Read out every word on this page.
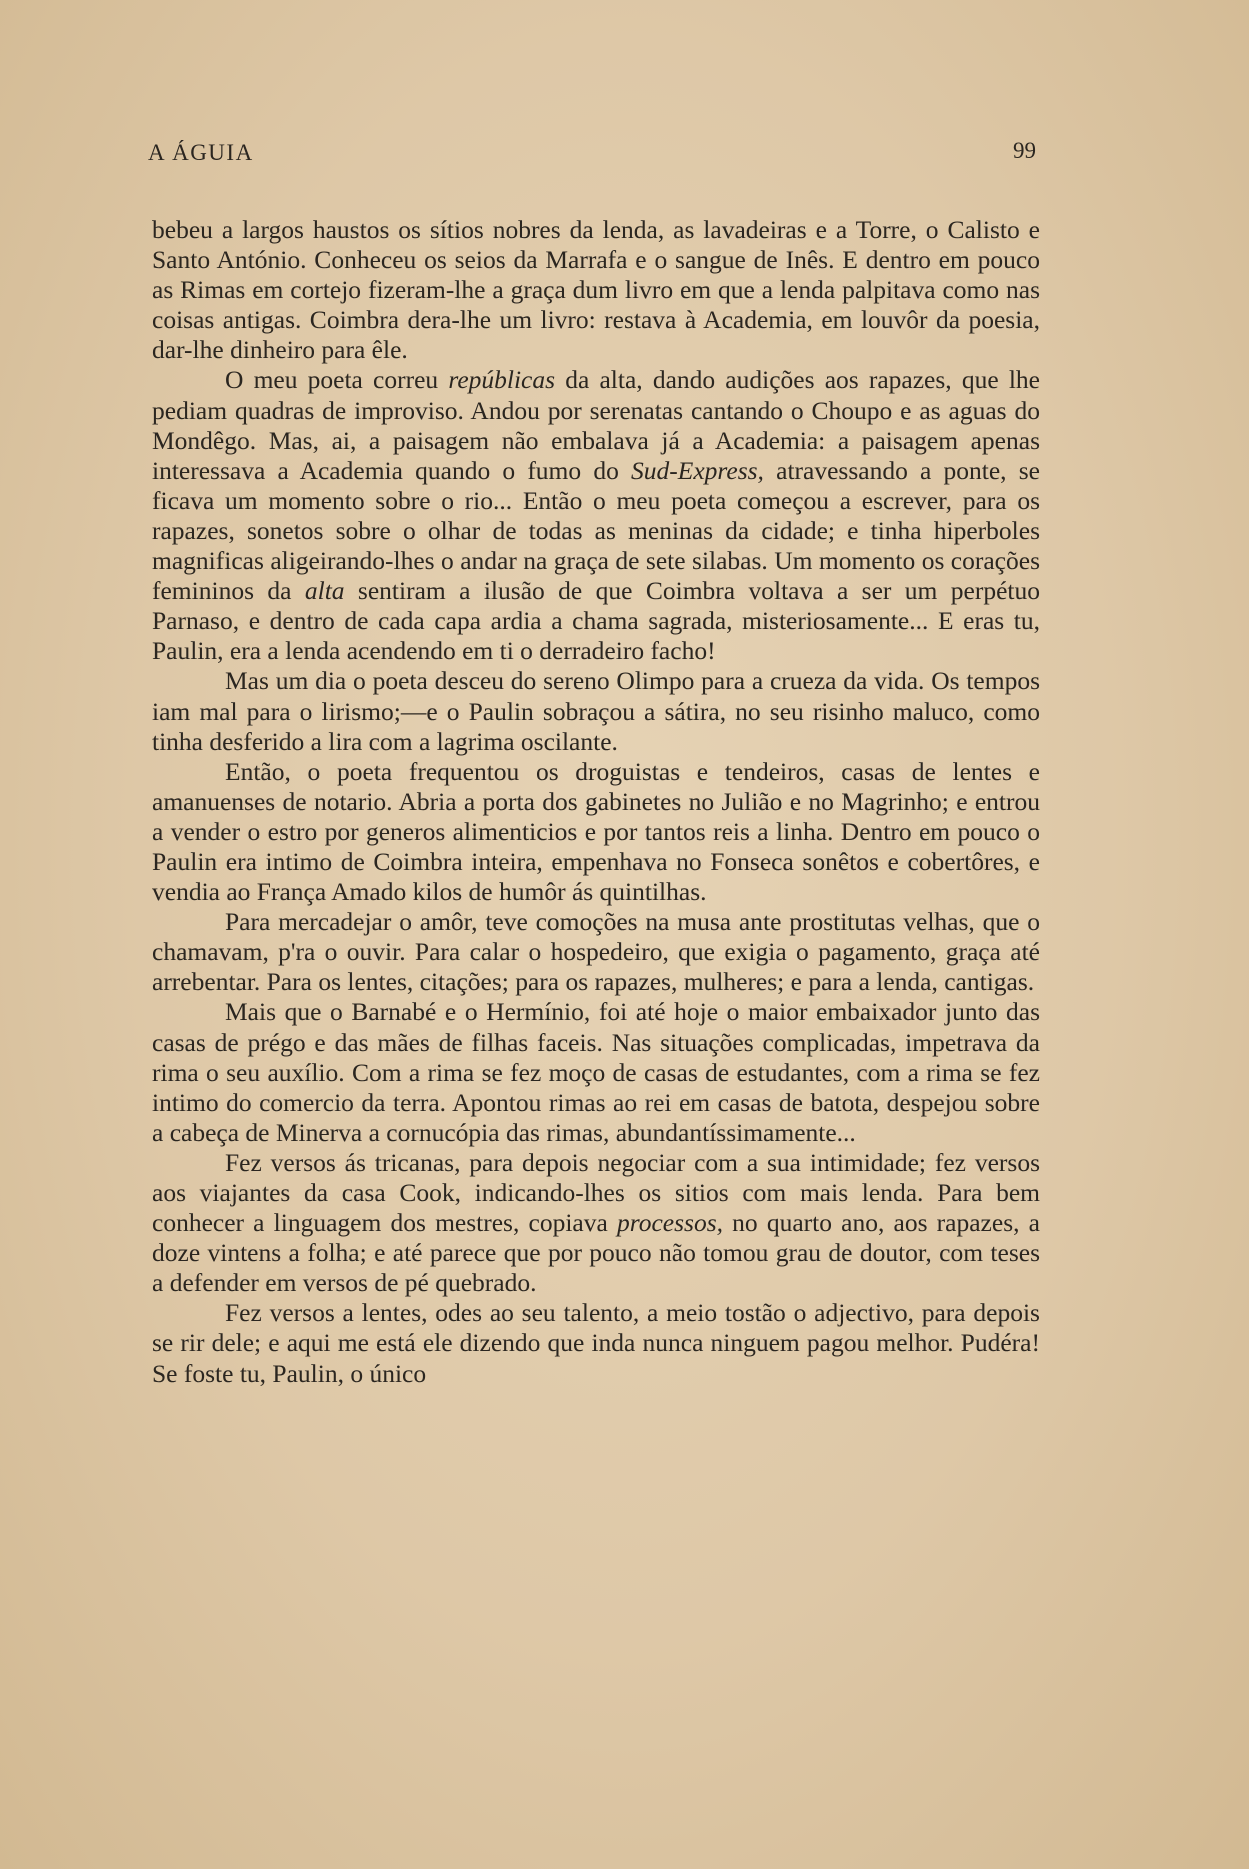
A ÁGUIA	99

bebeu a largos haustos os sítios nobres da lenda, as lavadeiras e a Torre, o Calisto e Santo António. Conheceu os seios da Marrafa e o sangue de Inês. E dentro em pouco as Rimas em cortejo fizeram-lhe a graça dum livro em que a lenda palpitava como nas coisas antigas. Coimbra dera-lhe um livro: restava à Academia, em louvôr da poesia, dar-lhe dinheiro para êle.

O meu poeta correu repúblicas da alta, dando audições aos rapazes, que lhe pediam quadras de improviso. Andou por serenatas cantando o Choupo e as aguas do Mondêgo. Mas, ai, a paisagem não embalava já a Academia: a paisagem apenas interessava a Academia quando o fumo do Sud-Express, atravessando a ponte, se ficava um momento sobre o rio... Então o meu poeta começou a escrever, para os rapazes, sonetos sobre o olhar de todas as meninas da cidade; e tinha hiperboles magnificas aligeirando-lhes o andar na graça de sete silabas. Um momento os corações femininos da alta sentiram a ilusão de que Coimbra voltava a ser um perpétuo Parnaso, e dentro de cada capa ardia a chama sagrada, misteriosamente... E eras tu, Paulin, era a lenda acendendo em ti o derradeiro facho!

Mas um dia o poeta desceu do sereno Olimpo para a crueza da vida. Os tempos iam mal para o lirismo;—e o Paulin sobraçou a sátira, no seu risinho maluco, como tinha desferido a lira com a lagrima oscilante.

Então, o poeta frequentou os droguistas e tendeiros, casas de lentes e amanuenses de notario. Abria a porta dos gabinetes no Julião e no Magrinho; e entrou a vender o estro por generos alimenticios e por tantos reis a linha. Dentro em pouco o Paulin era intimo de Coimbra inteira, empenhava no Fonseca sonêtos e cobertôres, e vendia ao França Amado kilos de humôr ás quintilhas.

Para mercadejar o amôr, teve comoções na musa ante prostitutas velhas, que o chamavam, p'ra o ouvir. Para calar o hospedeiro, que exigia o pagamento, graça até arrebentar. Para os lentes, citações; para os rapazes, mulheres; e para a lenda, cantigas.

Mais que o Barnabé e o Hermínio, foi até hoje o maior embaixador junto das casas de prégo e das mães de filhas faceis. Nas situações complicadas, impetrava da rima o seu auxílio. Com a rima se fez moço de casas de estudantes, com a rima se fez intimo do comercio da terra. Apontou rimas ao rei em casas de batota, despejou sobre a cabeça de Minerva a cornucópia das rimas, abundantíssimamente...

Fez versos ás tricanas, para depois negociar com a sua intimidade; fez versos aos viajantes da casa Cook, indicando-lhes os sitios com mais lenda. Para bem conhecer a linguagem dos mestres, copiava processos, no quarto ano, aos rapazes, a doze vintens a folha; e até parece que por pouco não tomou grau de doutor, com teses a defender em versos de pé quebrado.

Fez versos a lentes, odes ao seu talento, a meio tostão o adjectivo, para depois se rir dele; e aqui me está ele dizendo que inda nunca ninguem pagou melhor. Pudéra! Se foste tu, Paulin, o único
